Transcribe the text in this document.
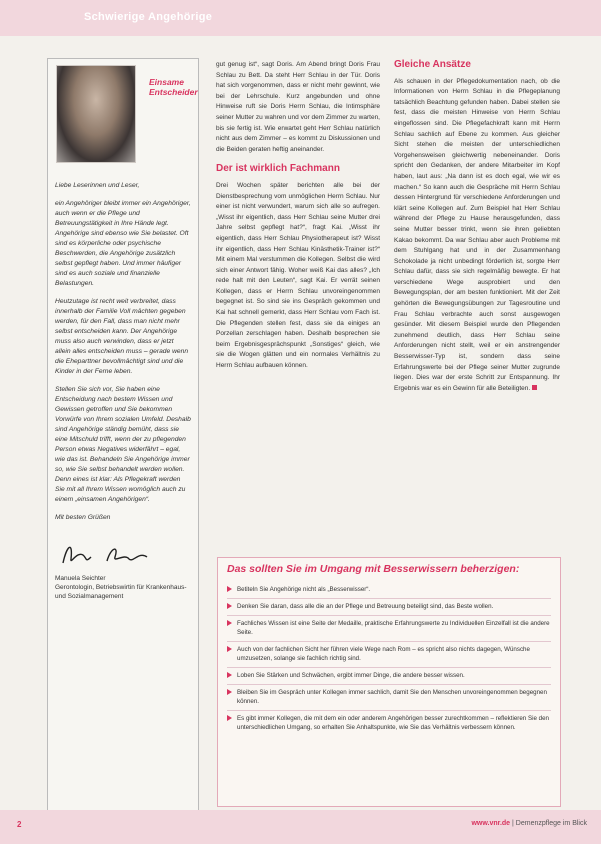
Schwierige Angehörige
Einsame Entscheider

Liebe Leserinnen und Leser,

ein Angehöriger bleibt immer ein Angehöriger, auch wenn er die Pflege und Betreuungstätigkeit in Ihre Hände legt. Angehörige sind ebenso wie Sie belastet. Oft sind es körperliche oder psychische Beschwerden, die Angehörige zusätzlich selbst gepflegt haben. Und immer häufiger sind es auch soziale und finanzielle Belastungen.

Heutzutage ist recht weit verbreitet, dass innerhalb der Familie Voll mächten gegeben werden, für den Fall, dass man nicht mehr selbst entscheiden kann. Der Angehörige muss also auch verwinden, dass er jetzt allein alles entscheiden muss – gerade wenn die Eheparttner bevollmächtigt sind und die Kinder in der Ferne leben.

Stellen Sie sich vor, Sie haben eine Entscheidung nach bestem Wissen und Gewissen getroffen und Sie bekommen Vorwürfe von Ihrem sozialen Umfeld. Deshalb sind Angehörige ständig bemüht, dass sie eine Mitschuld trifft, wenn der zu pflegenden Person etwas Negatives widerfährt – egal, wie das ist. Behandeln Sie Angehörige immer so, wie Sie selbst behandelt werden wollen. Denn eines ist klar: Als Pflegekraft werden Sie mit all Ihrem Wissen womöglich auch zu einem „einsamen Angehörigen“.

Mit besten Grüßen

Manuela Seichter
Gerontologin, Betriebswirtin für Krankenhaus- und Sozialmanagement

gut genug ist“, sagt Doris. Am Abend bringt Doris Frau Schlau zu Bett. Da steht Herr Schlau in der Tür. Doris hat sich vorgenommen, dass er nicht mehr gewinnt, wie bei der Lehrschule. Kurz angebunden und ohne Hinweise ruft sie Doris Herrn Schlau, die Intimsphäre seiner Mutter zu wahren und vor dem Zimmer zu warten, bis sie fertig ist. Wie erwartet geht Herr Schlau natürlich nicht aus dem Zimmer – es kommt zu Diskussionen und die Beiden geraten heftig aneinander.

Der ist wirklich Fachmann

Drei Wochen später berichten alle bei der Dienstbesprechung vom unmöglichen Herrn Schlau. Nur einer ist nicht verwundert, warum sich alle so aufregen. „Wisst ihr eigentlich, dass Herr Schlau seine Mutter drei Jahre selbst gepflegt hat?“, fragt Kai. „Wisst ihr eigentlich, dass Herr Schlau Physiotherapeut ist? Wisst ihr eigentlich, dass Herr Schlau Kinästhetik-Trainer ist?“ Mit einem Mal verstummen die Kollegen. Selbst die wird sich einer Antwort fähig. Woher weiß Kai das alles? „Ich rede halt mit den Leuten“, sagt Kai. Er verrät seinen Kollegen, dass er Herrn Schlau unvoreingenommen begegnet ist. So sind sie ins Gespräch gekommen und Kai hat schnell gemerkt, dass Herr Schlau vom Fach ist. Die Pflegenden stellen fest, dass sie da einiges an Porzellan zerschlagen haben. Deshalb besprechen sie beim Ergebnisgesprächspunkt „Sonstiges“ gleich, wie sie die Wogen glätten und ein normales Verhältnis zu Herrn Schlau aufbauen können.

Gleiche Ansätze

Als schauen in der Pflegedokumentation nach, ob die Informationen von Herrn Schlau in die Pflegeplanung tatsächlich Beachtung gefunden haben. Dabei stellen sie fest, dass die meisten Hinweise von Herrn Schlau eingeflossen sind. Die Pflegefachkraft kann mit Herrn Schlau sachlich auf Ebene zu kommen. Aus gleicher Sicht stehen die meisten der unterschiedlichen Vorgehensweisen gleichwertig nebeneinander. Doris spricht den Gedanken, der andere Mitarbeiter im Kopf haben, laut aus: „Na dann ist es doch egal, wie wir es machen.“ So kann auch die Gespräche mit Herrn Schlau dessen Hintergrund für verschiedene Anforderungen und klärt seine Kollegen auf. Zum Beispiel hat Herr Schlau während der Pflege zu Hause herausgefunden, dass seine Mutter besser trinkt, wenn sie ihren geliebten Kakao bekommt. Da war Schlau aber auch Probleme mit dem Stuhlgang hat und in der Zusammenhang Schokolade ja nicht unbedingt förderlich ist, sorgte Herr Schlau dafür, dass sie sich regelmäßig bewegte. Er hat verschiedene Wege ausprobiert und den Bewegungsplan, der am besten funktioniert. Mit der Zeit gehörten die Bewegungsübungen zur Tagesroutine und Frau Schlau verbrachte auch sonst ausgewogen gesünder. Mit diesem Beispiel wurde den Pflegenden zunehmend deutlich, dass Herr Schlau seine Anforderungen nicht stellt, weil er ein anstrengender Besserwisser-Typ ist, sondern dass seine Erfahrungswerte bei der Pflege seiner Mutter zugrunde liegen. Dies war der erste Schritt zur Entspannung. Ihr Ergebnis war es ein Gewinn für alle Beteiligten.

Das sollten Sie im Umgang mit Besserwissern beherzigen:
Betiteln Sie Angehörige nicht als „Besserwisser“.
Denken Sie daran, dass alle die an der Pflege und Betreuung beteiligt sind, das Beste wollen.
Fachliches Wissen ist eine Seite der Medaille, praktische Erfahrungswerte zu Individuellen Einzelfall ist die andere Seite.
Auch von der fachlichen Sicht her führen viele Wege nach Rom – es spricht also nichts dagegen, Wünsche umzusetzen, solange sie fachlich richtig sind.
Loben Sie Stärken und Schwächen, ergibt immer Dinge, die andere besser wissen.
Bleiben Sie im Gespräch unter Kollegen immer sachlich, damit Sie den Menschen unvoreingenommen begegnen können.
Es gibt immer Kollegen, die mit dem ein oder anderem Angehörigen besser zurechtkommen – reflektieren Sie den unterschiedlichen Umgang, so erhalten Sie Anhaltspunkte, wie Sie das Verhältnis verbessern können.
2	www.vnr.de | Demenzpflege im Blick
